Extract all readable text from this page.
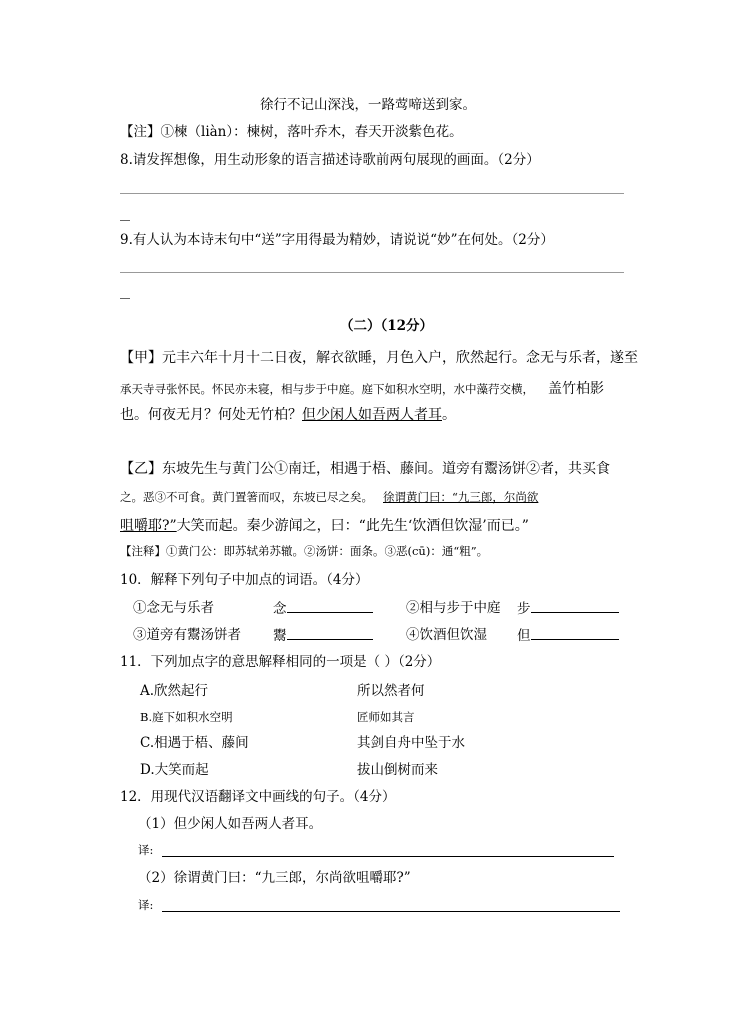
徐行不记山深浅，一路莺啼送到家。
【注】①楝（liàn）：楝树，落叶乔木，春天开淡紫色花。
8.请发挥想像，用生动形象的语言描述诗歌前两句展现的画面。（2分）
9.有人认为本诗末句中“送”字用得最为精妙，请说说“妙”在何处。（2分）
（二）（12分）
【甲】元丰六年十月十二日夜，解衣欲睡，月色入户，欣然起行。念无与乐者，遂至
承天寺寻张怀民。怀民亦未寝，相与步于中庭。庭下如积水空明，水中藻荇交横， 盖竹柏影
也。何夜无月？何处无竹柏？但少闲人如吾两人者耳。
【乙】东坡先生与黄门公①南迁，相遇于梧、藤间。道旁有鬻汤饼②者，共买食
之。恶③不可食。黄门置箸而叹，东坡已尽之矣。 徐谓黄门曰：“九三郎，尔尚欲
咀嚼耶?”大笑而起。秦少游闻之，曰：“此先生‘饮酒但饮湿’而已。”
【注释】①黄门公：即苏轼弟苏辙。②汤饼：面条。③恶(cū)：通“粗”。
10．解释下列句子中加点的词语。（4分）
①念无与乐者	念	②相与步于中庭 步
③道旁有鬻汤饼者 鬻	④饮酒但饮湿 但
11．下列加点字的意思解释相同的一项是（ ）（2分）
A.欣然起行	所以然者何
B.庭下如积水空明	匠师如其言
C.相遇于梧、藤间	其剑自舟中坠于水
D.大笑而起	拔山倒树而来
12．用现代汉语翻译文中画线的句子。（4分）
（1）但少闲人如吾两人者耳。
译:
（2）徐谓黄门曰：“九三郎，尔尚欲咀嚼耶?”
译:
